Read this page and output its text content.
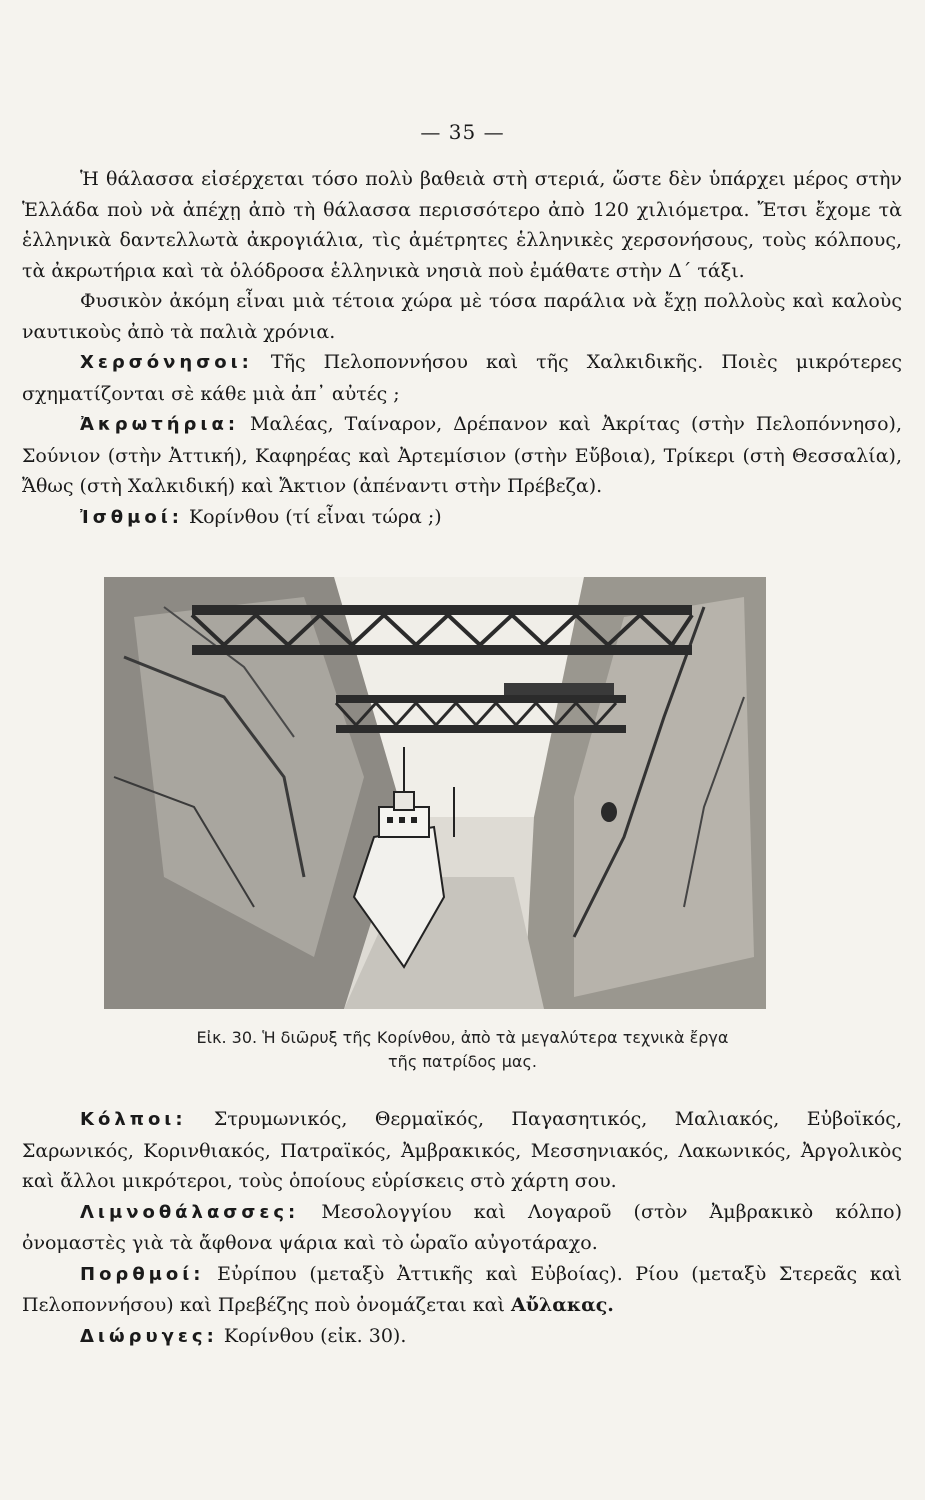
— 35 —

Ἡ θάλασσα εἰσέρχεται τόσο πολὺ βαθειὰ στὴ στεριά, ὥστε δὲν ὑπάρχει μέρος στὴν Ἑλλάδα ποὺ νὰ ἀπέχῃ ἀπὸ τὴ θάλασσα περισσότερο ἀπὸ 120 χιλιόμετρα. Ἔτσι ἔχομε τὰ ἑλληνικὰ δαντελλωτὰ ἀκρογιάλια, τὶς ἀμέτρητες ἑλληνικὲς χερσονήσους, τοὺς κόλπους, τὰ ἀκρωτήρια καὶ τὰ ὁλόδροσα ἑλληνικὰ νησιὰ ποὺ ἐμάθατε στὴν Δ΄ τάξι.

Φυσικὸν ἀκόμη εἶναι μιὰ τέτοια χώρα μὲ τόσα παράλια νὰ ἔχῃ πολλοὺς καὶ καλοὺς ναυτικοὺς ἀπὸ τὰ παλιὰ χρόνια.

Χερσόνησοι: Τῆς Πελοποννήσου καὶ τῆς Χαλκιδικῆς. Ποιὲς μικρότερες σχηματίζονται σὲ κάθε μιὰ ἀπ᾿ αὐτές ;

Ἀκρωτήρια: Μαλέας, Ταίναρον, Δρέπανον καὶ Ἀκρίτας (στὴν Πελοπόννησο), Σούνιον (στὴν Ἀττική), Καφηρέας καὶ Ἀρτεμίσιον (στὴν Εὔβοια), Τρίκερι (στὴ Θεσσαλία), Ἄθως (στὴ Χαλκιδική) καὶ Ἄκτιον (ἀπέναντι στὴν Πρέβεζα).

Ἰσθμοί: Κορίνθου (τί εἶναι τώρα ;)

Εἰκ. 30. Ἡ διῶρυξ τῆς Κορίνθου, ἀπὸ τὰ μεγαλύτερα τεχνικὰ ἔργα

τῆς πατρίδος μας.

Κόλποι: Στρυμωνικός, Θερμαϊκός, Παγασητικός, Μαλιακός, Εὐβοϊκός, Σαρωνικός, Κορινθιακός, Πατραϊκός, Ἀμβρακικός, Μεσσηνιακός, Λακωνικός, Ἀργολικὸς καὶ ἄλλοι μικρότεροι, τοὺς ὁποίους εὑρίσκεις στὸ χάρτη σου.

Λιμνοθάλασσες: Μεσολογγίου καὶ Λογαροῦ (στὸν Ἀμβρακικὸ κόλπο) ὀνομαστὲς γιὰ τὰ ἄφθονα ψάρια καὶ τὸ ὡραῖο αὐγοτάραχο.

Πορθμοί: Εὐρίπου (μεταξὺ Ἀττικῆς καὶ Εὐβοίας). Ρίου (μεταξὺ Στερεᾶς καὶ Πελοποννήσου) καὶ Πρεβέζης ποὺ ὀνομάζεται καὶ Αὔλακας.

Διώρυγες: Κορίνθου (εἰκ. 30).
